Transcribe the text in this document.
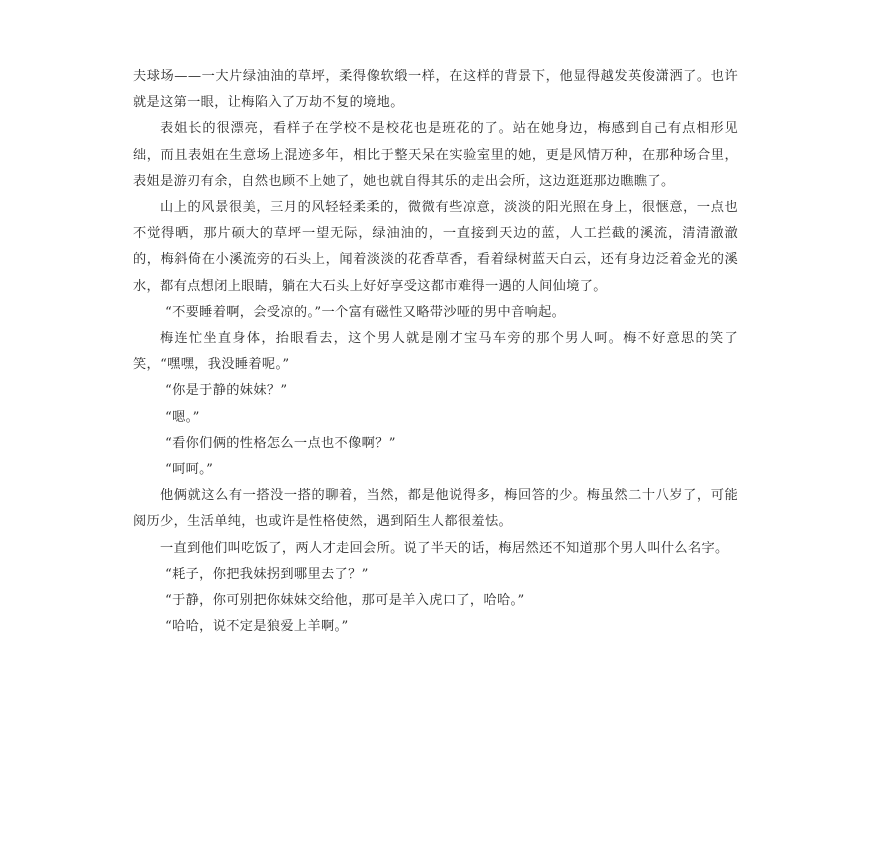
夫球场——一大片绿油油的草坪，柔得像软缎一样，在这样的背景下，他显得越发英俊潇洒了。也许就是这第一眼，让梅陷入了万劫不复的境地。

表姐长的很漂亮，看样子在学校不是校花也是班花的了。站在她身边，梅感到自己有点相形见绌，而且表姐在生意场上混迹多年，相比于整天呆在实验室里的她，更是风情万种，在那种场合里，表姐是游刃有余，自然也顾不上她了，她也就自得其乐的走出会所，这边逛逛那边瞧瞧了。

山上的风景很美，三月的风轻轻柔柔的，微微有些凉意，淡淡的阳光照在身上，很惬意，一点也不觉得晒，那片硕大的草坪一望无际，绿油油的，一直接到天边的蓝，人工拦截的溪流，清清澈澈的，梅斜倚在小溪流旁的石头上，闻着淡淡的花香草香，看着绿树蓝天白云，还有身边泛着金光的溪水，都有点想闭上眼睛，躺在大石头上好好享受这都市难得一遇的人间仙境了。

“不要睡着啊，会受凉的。”一个富有磁性又略带沙哑的男中音响起。

梅连忙坐直身体，抬眼看去，这个男人就是刚才宝马车旁的那个男人呵。梅不好意思的笑了笑，“嘿嘿，我没睡着呢。”

“你是于静的妹妹？”

“嗯。”

“看你们俩的性格怎么一点也不像啊？”

“呵呵。”

他俩就这么有一搭没一搭的聊着，当然，都是他说得多，梅回答的少。梅虽然二十八岁了，可能阅历少，生活单纯，也或许是性格使然，遇到陌生人都很羞怯。

一直到他们叫吃饭了，两人才走回会所。说了半天的话，梅居然还不知道那个男人叫什么名字。

“耗子，你把我妹拐到哪里去了？”

“于静，你可别把你妹妹交给他，那可是羊入虎口了，哈哈。”

“哈哈，说不定是狼爱上羊啊。”
